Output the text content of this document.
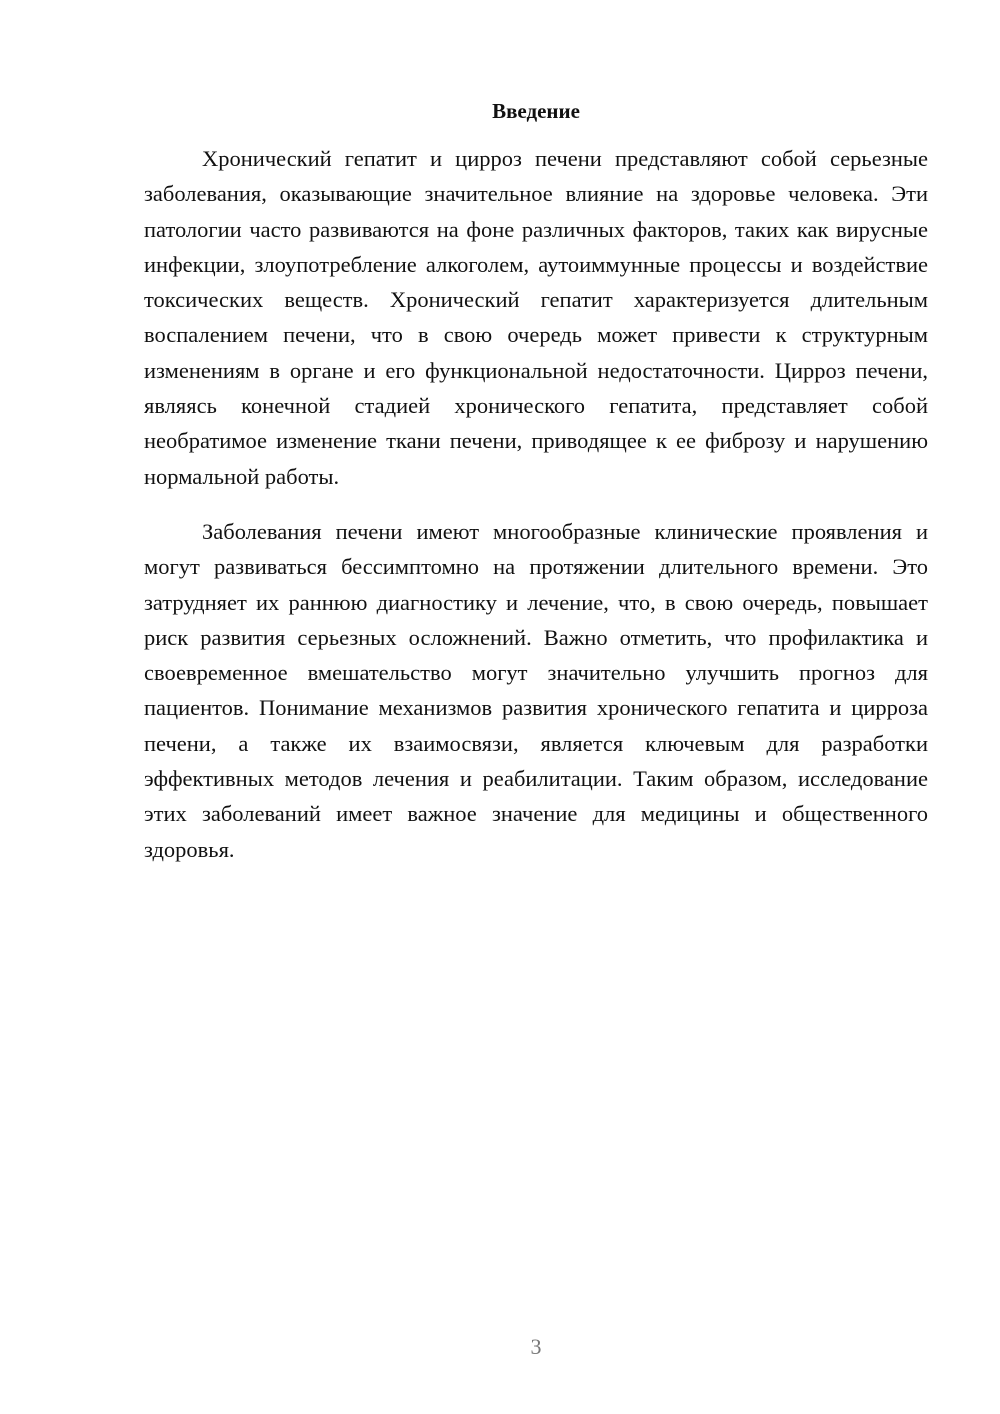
Введение

Хронический гепатит и цирроз печени представляют собой серьезные заболевания, оказывающие значительное влияние на здоровье человека. Эти патологии часто развиваются на фоне различных факторов, таких как вирусные инфекции, злоупотребление алкоголем, аутоиммунные процессы и воздействие токсических веществ. Хронический гепатит характеризуется длительным воспалением печени, что в свою очередь может привести к структурным изменениям в органе и его функциональной недостаточности. Цирроз печени, являясь конечной стадией хронического гепатита, представляет собой необратимое изменение ткани печени, приводящее к ее фиброзу и нарушению нормальной работы.

Заболевания печени имеют многообразные клинические проявления и могут развиваться бессимптомно на протяжении длительного времени. Это затрудняет их раннюю диагностику и лечение, что, в свою очередь, повышает риск развития серьезных осложнений. Важно отметить, что профилактика и своевременное вмешательство могут значительно улучшить прогноз для пациентов. Понимание механизмов развития хронического гепатита и цирроза печени, а также их взаимосвязи, является ключевым для разработки эффективных методов лечения и реабилитации. Таким образом, исследование этих заболеваний имеет важное значение для медицины и общественного здоровья.

3
